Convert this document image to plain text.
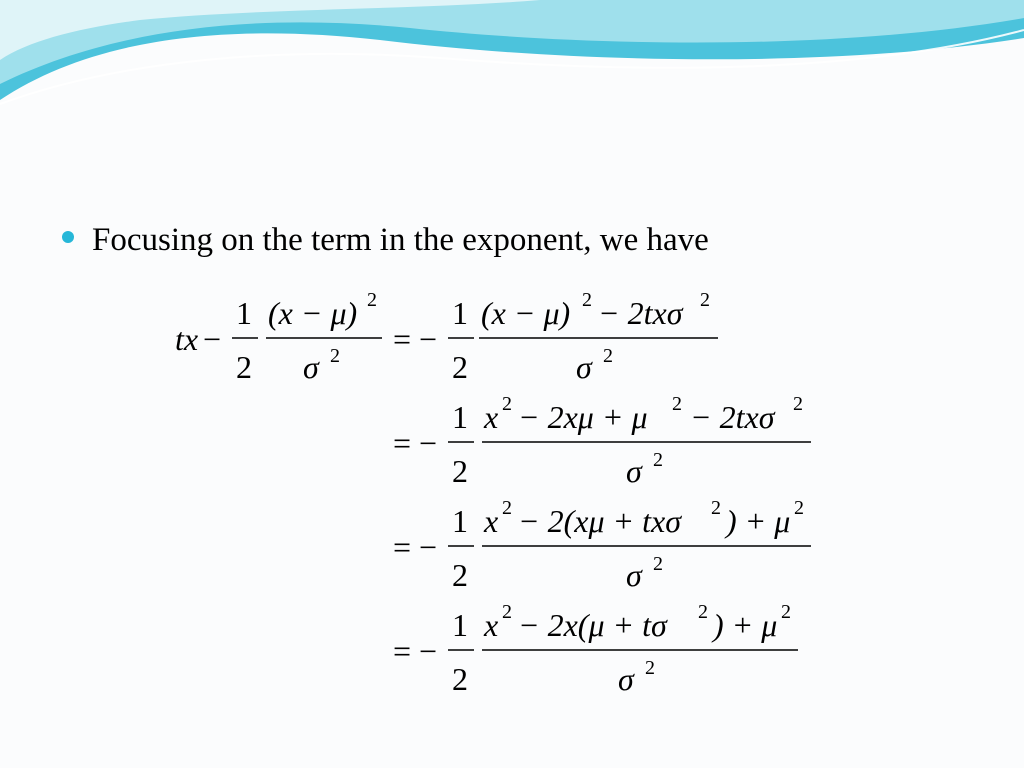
Focusing on the term in the exponent, we have
tx −
1
2
(x − μ) 2
σ 2 = −
1
2
(x − μ) 2 − 2txσ 2
σ 2
= −
1
2
x 2 − 2xμ + μ 2 − 2txσ 2
σ 2
= −
1
2
x 2 − 2(xμ + txσ 2 ) + μ 2
σ 2
= −
1
2
x 2 − 2x(μ + tσ 2 ) + μ 2
σ 2
